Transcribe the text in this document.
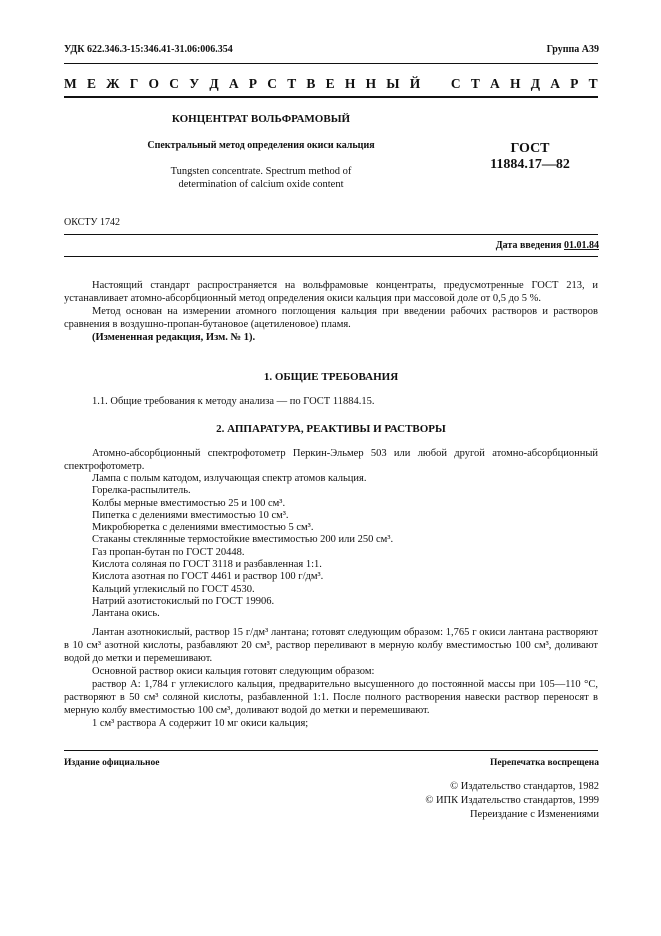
УДК 622.346.3-15:346.41-31.06:006.354	Группа А39
М Е Ж Г О С У Д А Р С Т В Е Н Н Ы Й С Т А Н Д А Р Т
КОНЦЕНТРАТ ВОЛЬФРАМОВЫЙ
Спектральный метод определения окиси кальция
Tungsten concentrate. Spectrum method of
determination of calcium oxide content
ГОСТ
11884.17—82
ОКСТУ 1742
Дата введения 01.01.84

Настоящий стандарт распространяется на вольфрамовые концентраты, предусмотренные ГОСТ 213, и устанавливает атомно-абсорбционный метод определения окиси кальция при массовой доле от 0,5 до 5 %.

Метод основан на измерении атомного поглощения кальция при введении рабочих растворов и растворов сравнения в воздушно-пропан-бутановое (ацетиленовое) пламя.

(Измененная редакция, Изм. № 1).

1. ОБЩИЕ ТРЕБОВАНИЯ

1.1. Общие требования к методу анализа — по ГОСТ 11884.15.

2. АППАРАТУРА, РЕАКТИВЫ И РАСТВОРЫ

Атомно-абсорбционный спектрофотометр Перкин-Эльмер 503 или любой другой атомно-абсорбционный спектрофотометр.

Лампа с полым катодом, излучающая спектр атомов кальция.
Горелка-распылитель.
Колбы мерные вместимостью 25 и 100 см³.
Пипетка с делениями вместимостью 10 см³.
Микробюретка с делениями вместимостью 5 см³.
Стаканы стеклянные термостойкие вместимостью 200 или 250 см³.
Газ пропан-бутан по ГОСТ 20448.
Кислота соляная по ГОСТ 3118 и разбавленная 1:1.
Кислота азотная по ГОСТ 4461 и раствор 100 г/дм³.
Кальций углекислый по ГОСТ 4530.
Натрий азотистокислый по ГОСТ 19906.
Лантана окись.

Лантан азотнокислый, раствор 15 г/дм³ лантана; готовят следующим образом: 1,765 г окиси лантана растворяют в 10 см³ азотной кислоты, разбавляют 20 см³, раствор переливают в мерную колбу вместимостью 100 см³, доливают водой до метки и перемешивают.

Основной раствор окиси кальция готовят следующим образом:

раствор А: 1,784 г углекислого кальция, предварительно высушенного до постоянной массы при 105—110 °С, растворяют в 50 см³ соляной кислоты, разбавленной 1:1. После полного растворения навески раствор переносят в мерную колбу вместимостью 100 см³, доливают водой до метки и перемешивают.

1 см³ раствора А содержит 10 мг окиси кальция;

Издание официальное	Перепечатка воспрещена
© Издательство стандартов, 1982
© ИПК Издательство стандартов, 1999
Переиздание с Изменениями
